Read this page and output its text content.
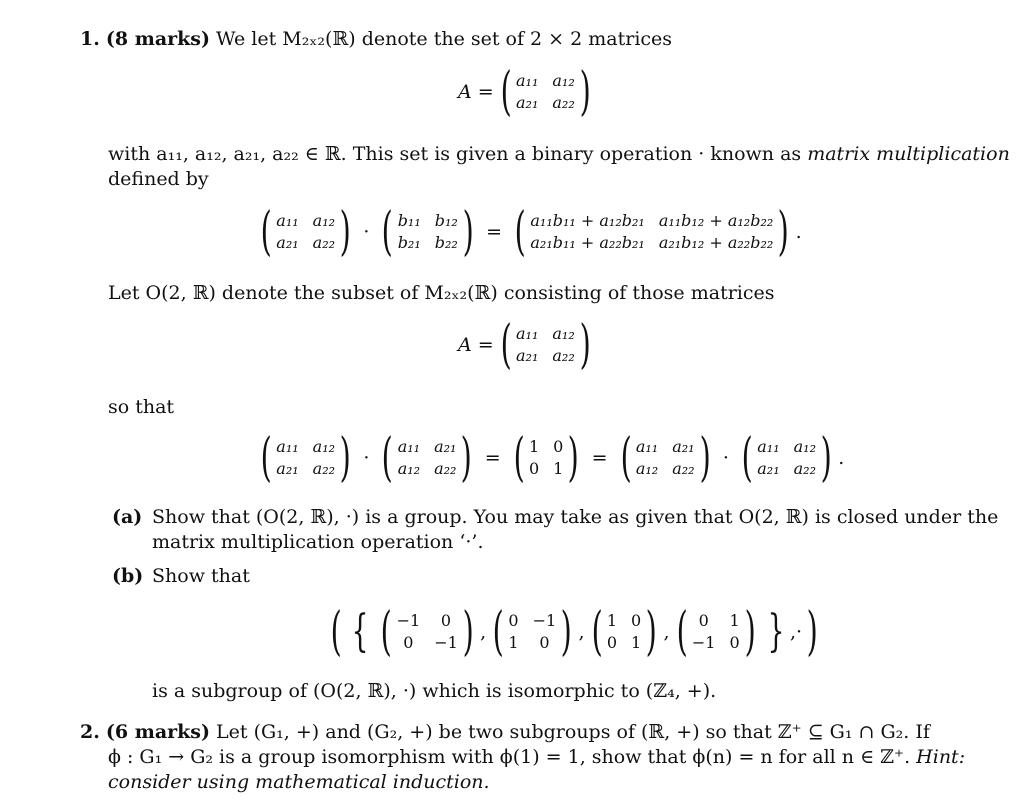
1. (8 marks) We let M₂ₓ₂(ℝ) denote the set of 2 × 2 matrices
A = ( a₁₁ a₁₂
a₂₁ a₂₂ )
with a₁₁, a₁₂, a₂₁, a₂₂ ∈ ℝ. This set is given a binary operation · known as matrix multiplication
defined by
( a₁₁ a₁₂
a₂₁ a₂₂ ) · ( b₁₁ b₁₂
b₂₁ b₂₂ ) = ( a₁₁b₁₁ + a₁₂b₂₁ a₁₁b₁₂ + a₁₂b₂₂
a₂₁b₁₁ + a₂₂b₂₁ a₂₁b₁₂ + a₂₂b₂₂ ) .
Let O(2, ℝ) denote the subset of M₂ₓ₂(ℝ) consisting of those matrices
A = ( a₁₁ a₁₂
a₂₁ a₂₂ )
so that
( a₁₁ a₁₂
a₂₁ a₂₂ ) · ( a₁₁ a₂₁
a₁₂ a₂₂ ) = ( 1 0
0 1 ) = ( a₁₁ a₂₁
a₁₂ a₂₂ ) · ( a₁₁ a₁₂
a₂₁ a₂₂ ) .
(a) Show that (O(2, ℝ), ·) is a group. You may take as given that O(2, ℝ) is closed under the
matrix multiplication operation ‘·’.
(b) Show that
( { ( −1	0
0	−1 ) , ( 0 −1
1	0 ) , ( 1 0
0 1 ) , ( 0	1
−1 0 ) } , · )
is a subgroup of (O(2, ℝ), ·) which is isomorphic to (ℤ₄, +).
2. (6 marks) Let (G₁, +) and (G₂, +) be two subgroups of (ℝ, +) so that ℤ⁺ ⊆ G₁ ∩ G₂. If
ϕ : G₁ → G₂ is a group isomorphism with ϕ(1) = 1, show that ϕ(n) = n for all n ∈ ℤ⁺. Hint:
consider using mathematical induction.
